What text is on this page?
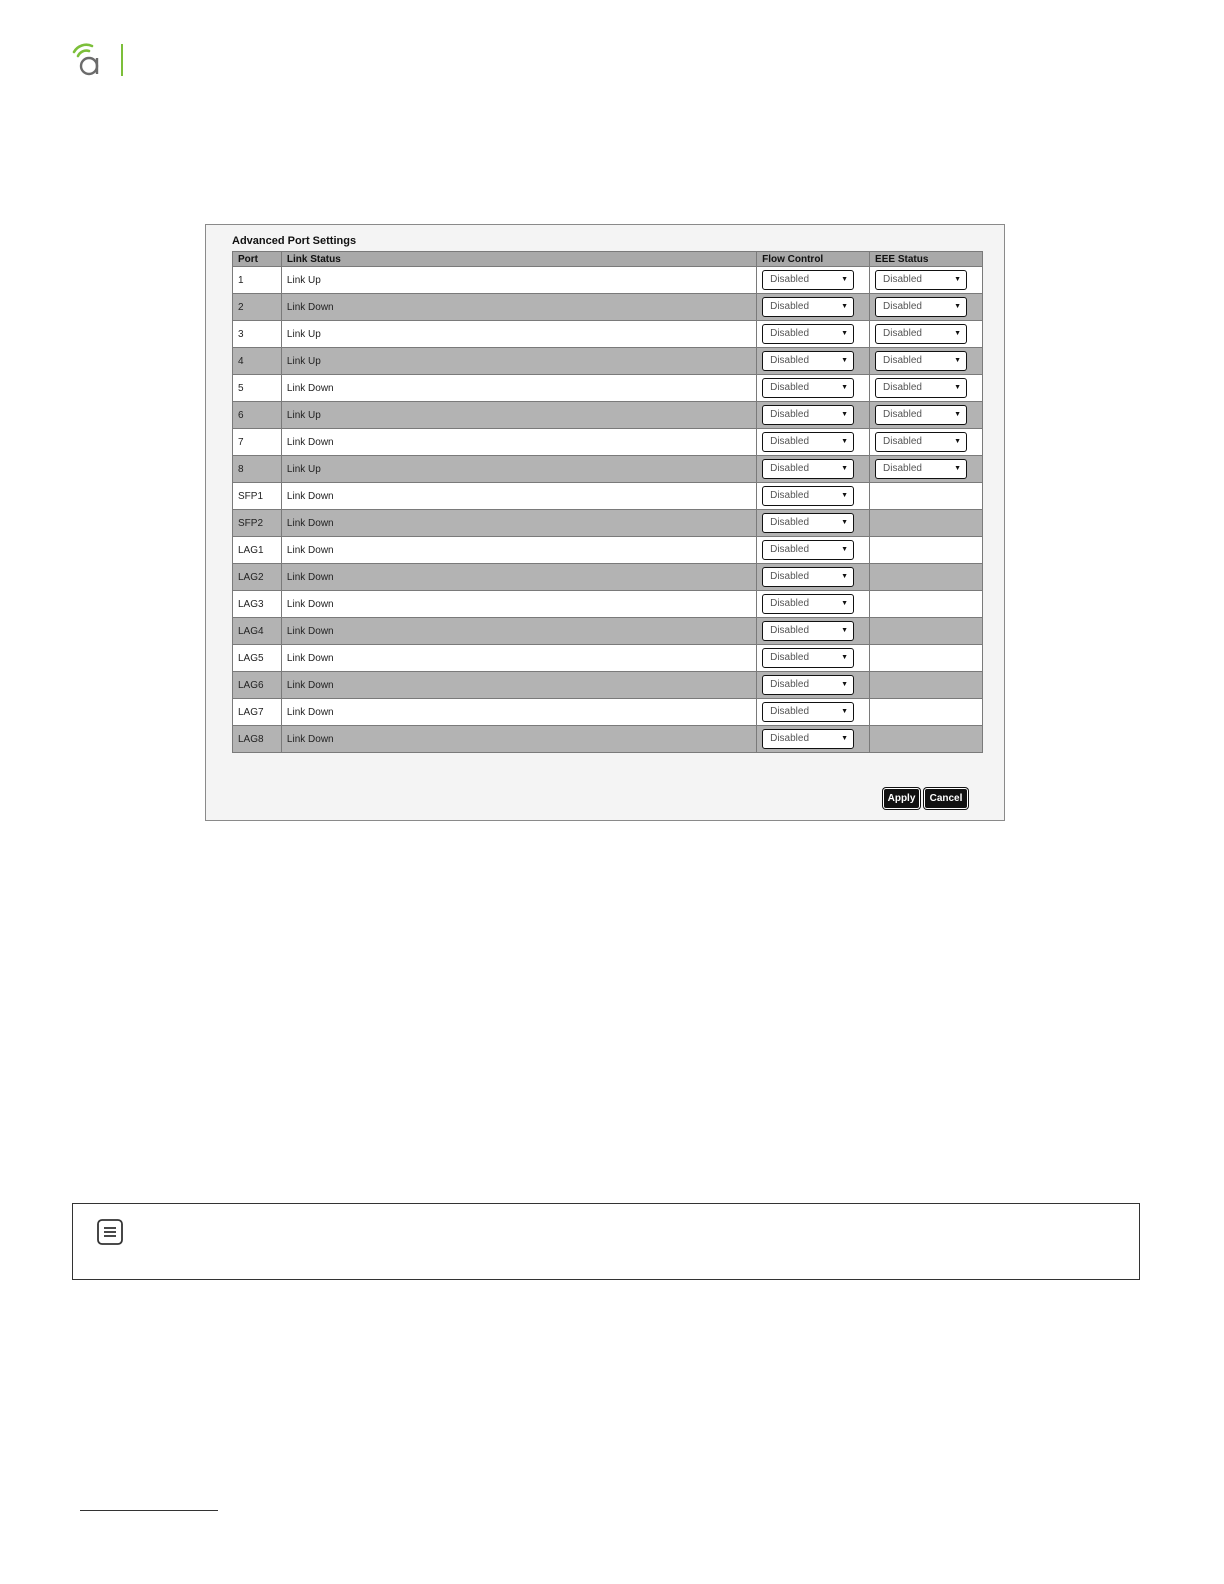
Advanced Port Settings
Port	Link Status	Flow Control	EEE Status
1	Link Up	Disabled ▼	Disabled ▼

2	Link Down	Disabled ▼	Disabled ▼

3	Link Up	Disabled ▼	Disabled ▼

4	Link Up	Disabled ▼	Disabled ▼

5	Link Down	Disabled ▼	Disabled ▼

6	Link Up	Disabled ▼	Disabled ▼

7	Link Down	Disabled ▼	Disabled ▼

8	Link Up	Disabled ▼	Disabled ▼

SFP1	Link Down	Disabled ▼	

SFP2	Link Down	Disabled ▼	

LAG1	Link Down	Disabled ▼	

LAG2	Link Down	Disabled ▼	

LAG3	Link Down	Disabled ▼	

LAG4	Link Down	Disabled ▼	

LAG5	Link Down	Disabled ▼	

LAG6	Link Down	Disabled ▼	

LAG7	Link Down	Disabled ▼	

LAG8	Link Down	Disabled ▼	

Apply	Cancel
